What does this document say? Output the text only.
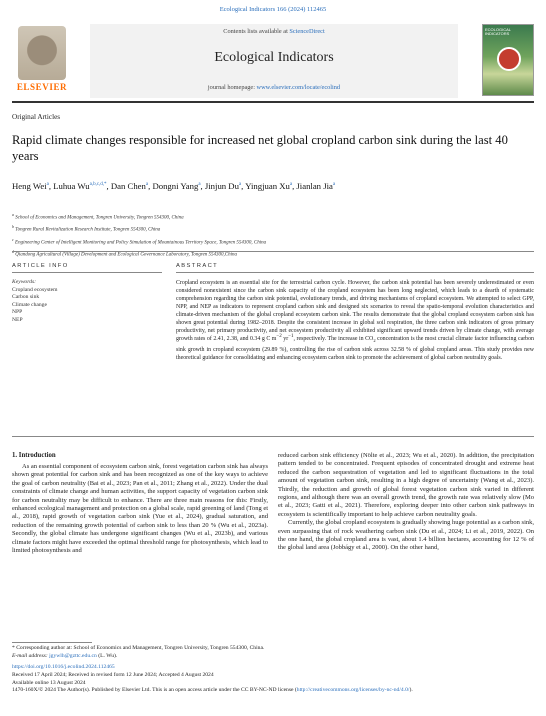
Ecological Indicators 166 (2024) 112465
ELSEVIER
Contents lists available at ScienceDirect
Ecological Indicators
journal homepage: www.elsevier.com/locate/ecolind
ECOLOGICAL INDICATORS
Original Articles
Rapid climate changes responsible for increased net global cropland carbon sink during the last 40 years
Heng Wei$^a$, Luhua $Wu^{a,b,c,d,*}$, Dan Chen$^a$, Dongni Yang$^a$, Jinjun Du$^a$, Yingjuan Xu$^a$, Jianlan Jia$^a$
$^a$ School of Economics and Management, Tongren University, Tongren 554300, China
$^b$ Tongren Rural Revitalization Research Institute, Tongren 554300, China
$^c$ Engineering Center of Intelligent Monitoring and Policy Simulation of Mountainous Territory Space, Tongren 554300, China
Qiandong Agricultural (Village) Development and Ecological Governance Laboratory, Tongren 554300,China
ARTICLE INFO	ABSTRACT
Keywords:
Cropland ecosystem
Carbon sink
Climate change
NPP
NEP
Cropland ecosystem is an essential site for the terrestrial carbon cycle. However, the carbon sink potential has been severely underestimated or even considered nonexistent since the carbon sink capacity of the cropland ecosystem has been long neglected, which leads to a dearth of systematic comprehension regarding the carbon sink potential, evolutionary trends, and driving mechanisms of cropland ecosystem. We attempted to select GPP, NPP, and NEP as indicators to represent cropland carbon sink and designed six scenarios to reveal the spatio-temporal evolution characteristics and climate-driven mechanism of the global cropland ecosystem carbon sink. The results demonstrate that the global cropland ecosystem carbon sink has shown great potential during 1982–2018. Despite the consistent increase in global soil respiration, the three carbon sink indicators of gross primary productivity, net primary productivity, and net ecosystem productivity all exhibited significant upward trends driven by climate change, with average growth rates of 2.41, 2.38, and 0.34 g C $m^{-2}$ $yr^{-1}$, respectively. The increase in $CO_2$ concentration is the most crucial climate factor influencing carbon sink growth in cropland ecosystem (29.89 %), controlling the rise of carbon sink across 32.58 % of global cropland areas. This study provides new theoretical guidance for consolidating and enhancing ecosystem carbon sink to promote the achievement of global carbon neutrality goals.
1. Introduction
As an essential component of ecosystem carbon sink, forest vegetation carbon sink has always shown great potential for carbon sink and has been recognized as one of the key ways to achieve the goal of carbon neutrality (Bai et al., 2023; Pan et al., 2011; Zhang et al., 2022). Under the dual constraints of climate change and human activities, the support capacity of vegetation carbon sink for carbon neutrality may be difficult to enhance. There are three main reasons for this: Firstly, enhanced ecological management and protection on a global scale, rapid greening of land (Tong et al., 2018), rapid growth of vegetation carbon sink (Yue et al., 2024), gradual saturation, and reduction of the remaining growth potential of carbon sink to less than 20 % (Wu et al., 2023a). Secondly, the global climate has undergone significant changes (Wu et al., 2023b), and various climate factors might have exceeded the optimal threshold range for photosynthesis, which lead to limited photosynthesis and

reduced carbon sink efficiency (Nölte et al., 2023; Wu et al., 2020). In addition, the precipitation pattern tended to be concentrated. Frequent episodes of concentrated drought and extreme heat reduced the carbon sequestration of vegetation and led to significant fluctuations in the total amount of vegetation carbon sink, resulting in a high degree of uncertainty (Wang et al., 2023). Thirdly, the reduction and growth of global forest vegetation carbon sink varied in different regions, and although there was an overall growth trend, the growth rate was relatively slow (Mo et al., 2023; Gatti et al., 2021). Therefore, exploring deeper into other carbon sink pathways in ecosystem is scientifically important to help achieve carbon neutrality goals.

Currently, the global cropland ecosystem is gradually showing huge potential as a carbon sink, even surpassing that of rock weathering carbon sink (Du et al., 2024; Li et al., 2019, 2022). On the one hand, the global cropland area is vast, about 1.4 billion hectares, accounting for 12 % of the global land area (Jobbágy et al., 2000). On the other hand,

* Corresponding author at: School of Economics and Management, Tongren University, Tongren 554300, China.
E-mail address: jgywlh@gzttc.edu.cn (L. Wu).
https://doi.org/10.1016/j.ecolind.2024.112465
Received 17 April 2024; Received in revised form 12 June 2024; Accepted 4 August 2024
Available online 13 August 2024
1470-160X/© 2024 The Author(s). Published by Elsevier Ltd. This is an open access article under the CC BY-NC-ND license (http://creativecommons.org/licenses/by-nc-nd/4.0/).
